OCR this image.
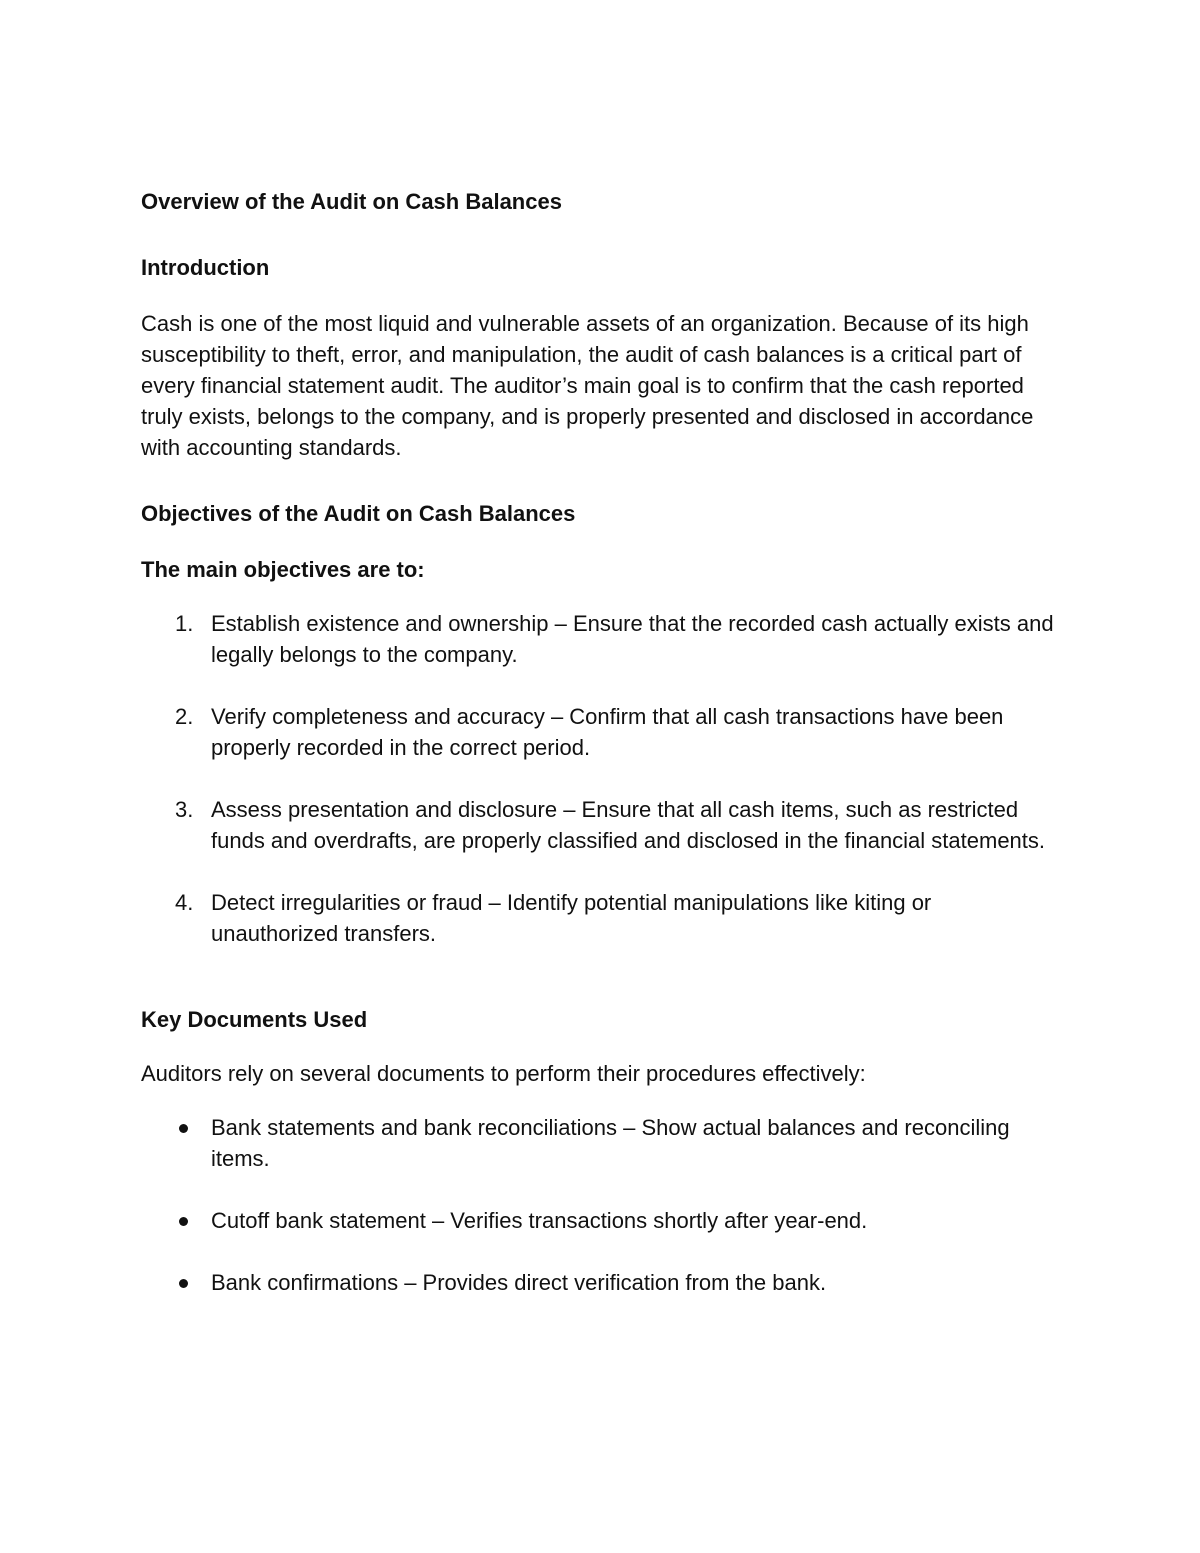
Overview of the Audit on Cash Balances

Introduction

Cash is one of the most liquid and vulnerable assets of an organization. Because of its high susceptibility to theft, error, and manipulation, the audit of cash balances is a critical part of every financial statement audit. The auditor’s main goal is to confirm that the cash reported truly exists, belongs to the company, and is properly presented and disclosed in accordance with accounting standards.

Objectives of the Audit on Cash Balances

The main objectives are to:

1. Establish existence and ownership – Ensure that the recorded cash actually exists and legally belongs to the company.
2. Verify completeness and accuracy – Confirm that all cash transactions have been properly recorded in the correct period.
3. Assess presentation and disclosure – Ensure that all cash items, such as restricted funds and overdrafts, are properly classified and disclosed in the financial statements.
4. Detect irregularities or fraud – Identify potential manipulations like kiting or unauthorized transfers.

Key Documents Used

Auditors rely on several documents to perform their procedures effectively:

Bank statements and bank reconciliations – Show actual balances and reconciling items.
Cutoff bank statement – Verifies transactions shortly after year-end.
Bank confirmations – Provides direct verification from the bank.
